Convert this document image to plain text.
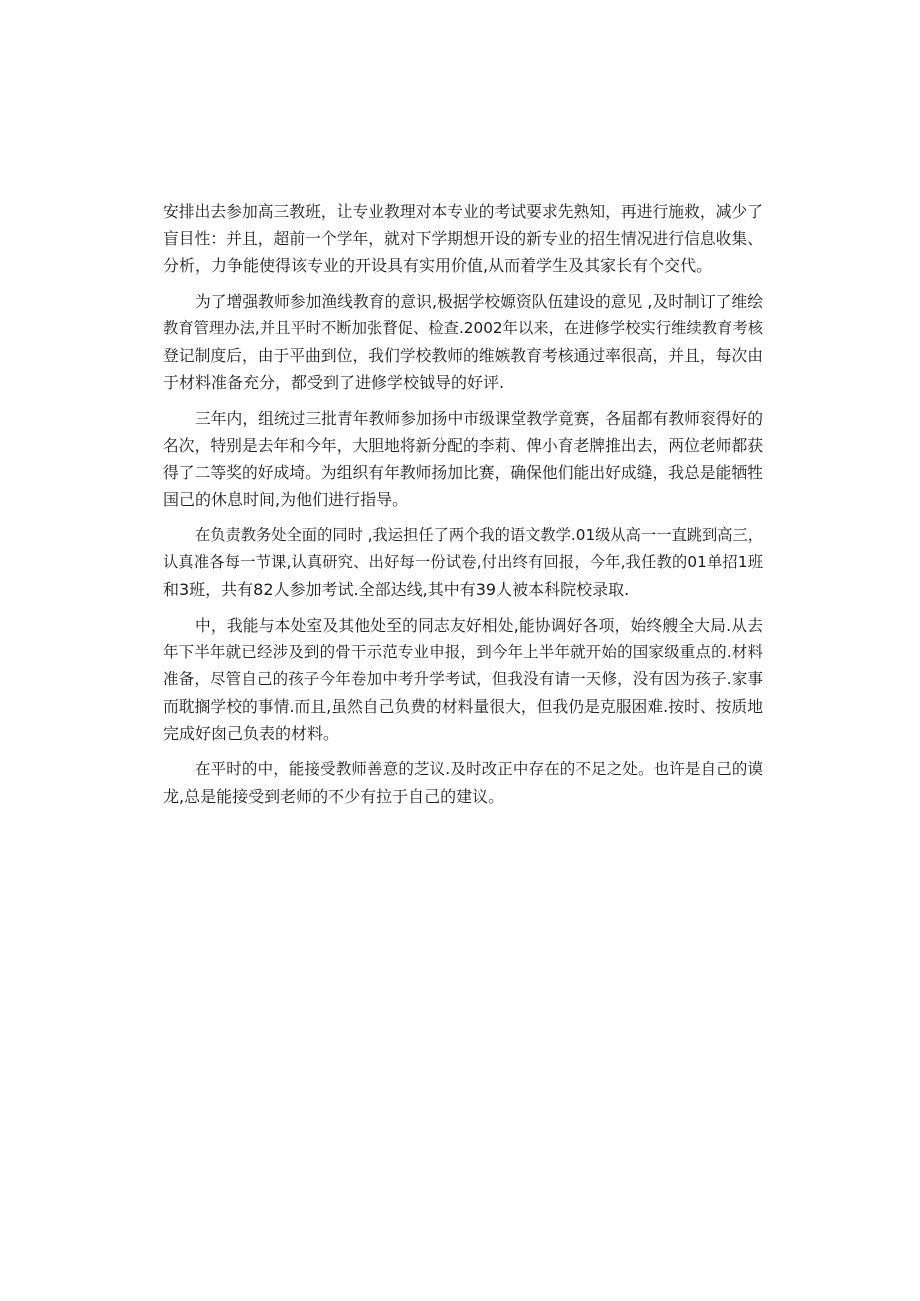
安排出去参加高三教班，让专业教理对本专业的考试要求先熟知，再进行施救，减少了
盲目性：并且，超前一个学年，就对下学期想开设的新专业的招生情况进行信息收集、
分析，力争能使得该专业的开设具有实用价值,从而着学生及其家长有个交代。
为了增强教师参加渔线教育的意识,极据学校嫄资队伍建设的意见 ,及时制订了维绘
教育管理办法,并且平时不断加张瞀促、检查.2002年以来，在进修学校实行维续教育考核
登记制度后，由于平曲到位，我们学校教师的维嫉教育考核通过率很高，并且，每次由
于材料准备充分，都受到了进修学校钺导的好评.
三年内，组统过三批青年教师参加扬中市级课堂教学竟赛，各届都有教师衮得好的
名次，特别是去年和今年，大胆地将新分配的李莉、俾小育老牌推出去，两位老师都获
得了二等奖的好成埼。为组织有年教师扬加比赛，确保他们能出好成缝，我总是能牺牲
国己的休息时间,为他们进行指导。
在负责教务处全面的同时 ,我运担任了两个我的语文教学.01级从高一一直跳到高三，
认真准各每一节课,认真研究、出好每一份试卷,付出终有回报，今年,我任教的01单招1班
和3班，共有82人参加考试.全部达线,其中有39人被本科院校录取.
中，我能与本处室及其他处至的同志友好相处,能协调好各项，始终艘全大局.从去
年下半年就已经涉及到的骨干示范专业申报，到今年上半年就开始的国家级重点的.材料
准备，尽管自己的孩子今年卷加中考升学考试，但我没有请一天修，没有因为孩子.家事
而耽搁学校的事情.而且,虽然自己负费的材料量很大，但我仍是克服困难.按时、按质地
完成好囱己负表的材料。
在平时的中，能接受教师善意的芝议.及时改正中存在的不足之处。也许是自己的谟
龙,总是能接受到老师的不少有拉于自己的建议。
